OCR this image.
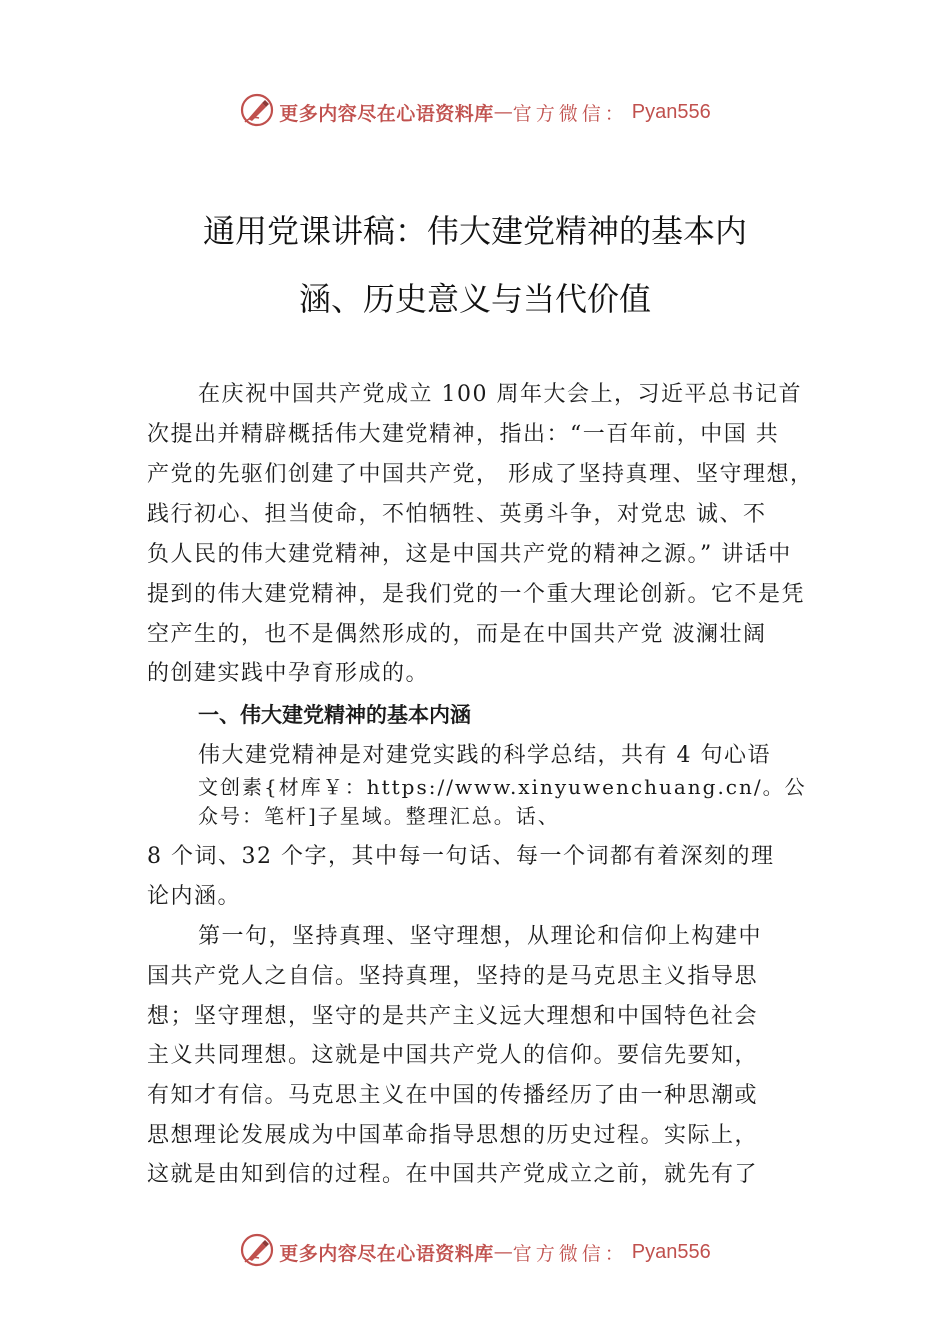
更多内容尽在心语资料库 — 官方微信 ： Pyan556
通用党课讲稿：伟大建党精神的基本内
涵、历史意义与当代价值
在庆祝中国共产党成立 100 周年大会上，习近平总书记首
次提出并精辟概括伟大建党精神，指出：“一百年前，中国 共
产党的先驱们创建了中国共产党， 形成了坚持真理、坚守理想，
践行初心、担当使命，不怕牺牲、英勇斗争，对党忠 诚、不
负人民的伟大建党精神，这是中国共产党的精神之源。” 讲话中
提到的伟大建党精神，是我们党的一个重大理论创新。它不是凭
空产生的，也不是偶然形成的，而是在中国共产党 波澜壮阔
的创建实践中孕育形成的。
一、伟大建党精神的基本内涵
伟大建党精神是对建党实践的科学总结，共有 4 句心语
文创素{材库￥：https://www.xinyuwenchuang.cn/。公
众号：笔杆]子星域。整理汇总。话、
8 个词、32 个字，其中每一句话、每一个词都有着深刻的理
论内涵。
第一句，坚持真理、坚守理想，从理论和信仰上构建中
国共产党人之自信。坚持真理，坚持的是马克思主义指导思
想；坚守理想，坚守的是共产主义远大理想和中国特色社会
主义共同理想。这就是中国共产党人的信仰。要信先要知，
有知才有信。马克思主义在中国的传播经历了由一种思潮或
思想理论发展成为中国革命指导思想的历史过程。实际上，
这就是由知到信的过程。在中国共产党成立之前，就先有了
更多内容尽在心语资料库 — 官方微信 ： Pyan556
